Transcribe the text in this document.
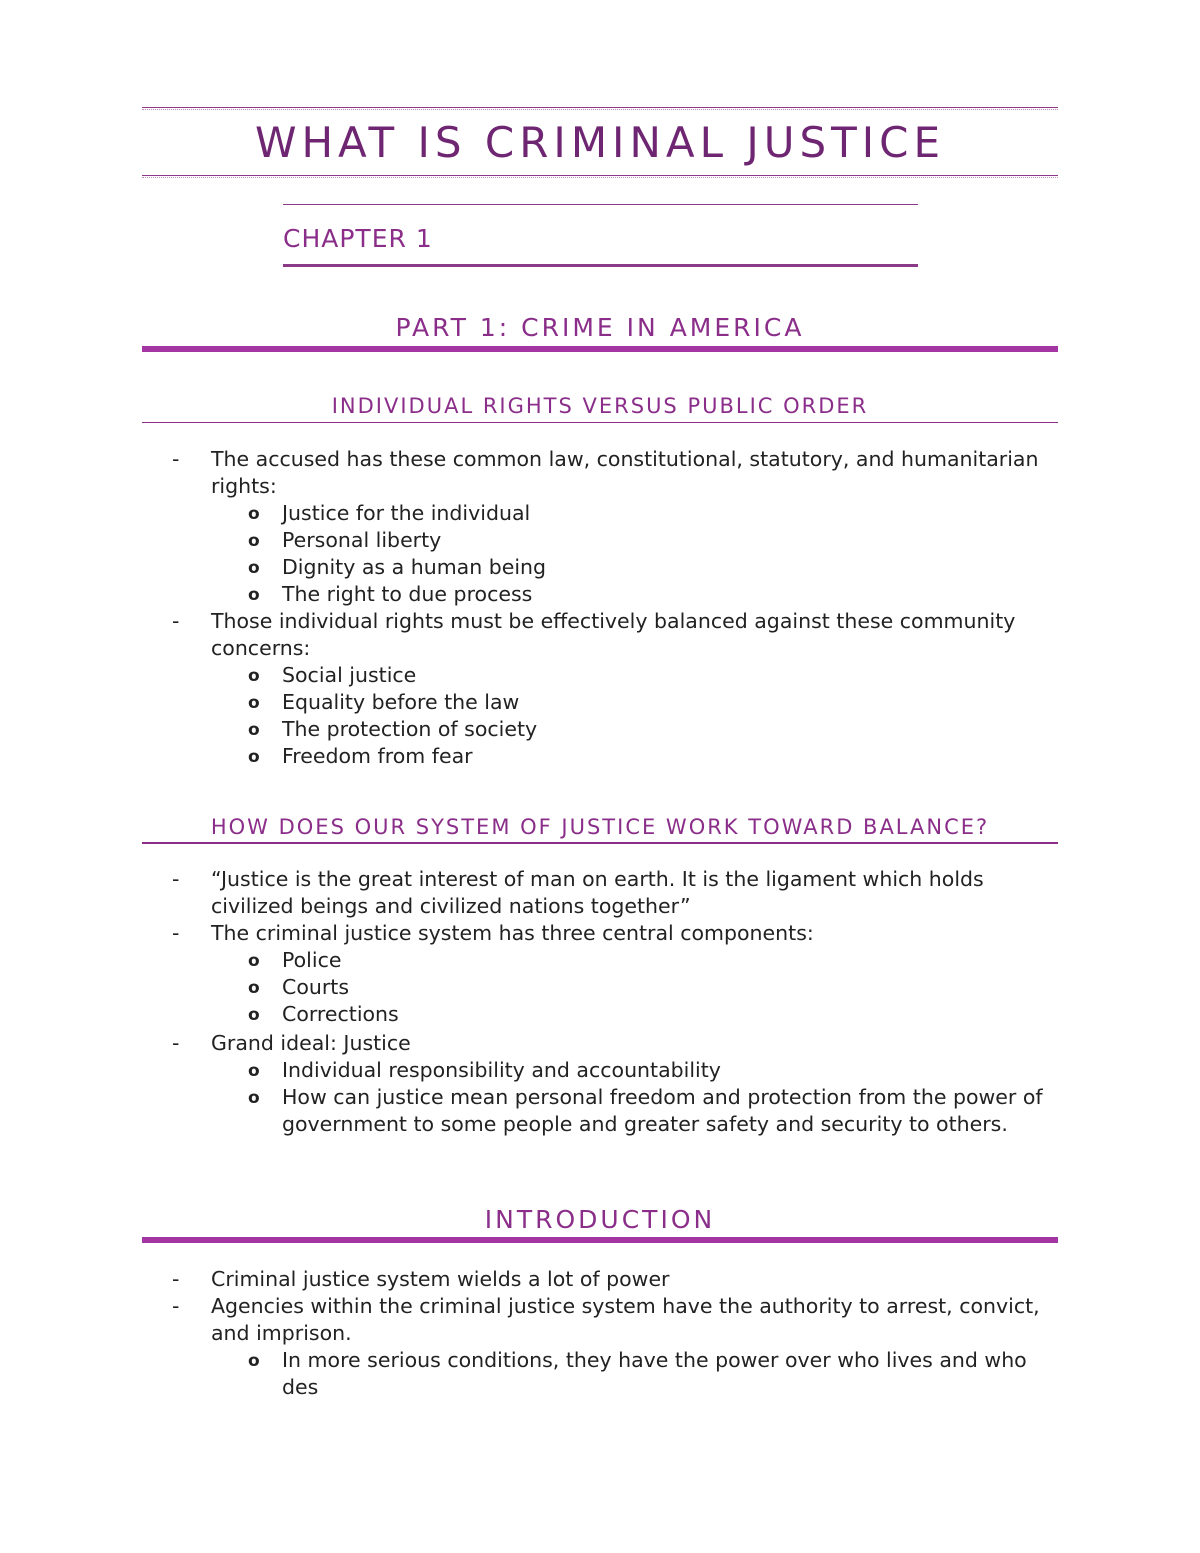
WHAT IS CRIMINAL JUSTICE
CHAPTER 1
PART 1: CRIME IN AMERICA
INDIVIDUAL RIGHTS VERSUS PUBLIC ORDER
-	The accused has these common law, constitutional, statutory, and humanitarian rights:
o Justice for the individual
o Personal liberty
o Dignity as a human being
o The right to due process
-	Those individual rights must be effectively balanced against these community concerns:
o Social justice
o Equality before the law
o The protection of society
o Freedom from fear
HOW DOES OUR SYSTEM OF JUSTICE WORK TOWARD BALANCE?
-	“Justice is the great interest of man on earth. It is the ligament which holds civilized beings and civilized nations together”
-	The criminal justice system has three central components:
o Police
o Courts
o Corrections
-	Grand ideal: Justice
o Individual responsibility and accountability
o How can justice mean personal freedom and protection from the power of government to some people and greater safety and security to others.
INTRODUCTION
-	Criminal justice system wields a lot of power
-	Agencies within the criminal justice system have the authority to arrest, convict, and imprison.
o In more serious conditions, they have the power over who lives and who des
